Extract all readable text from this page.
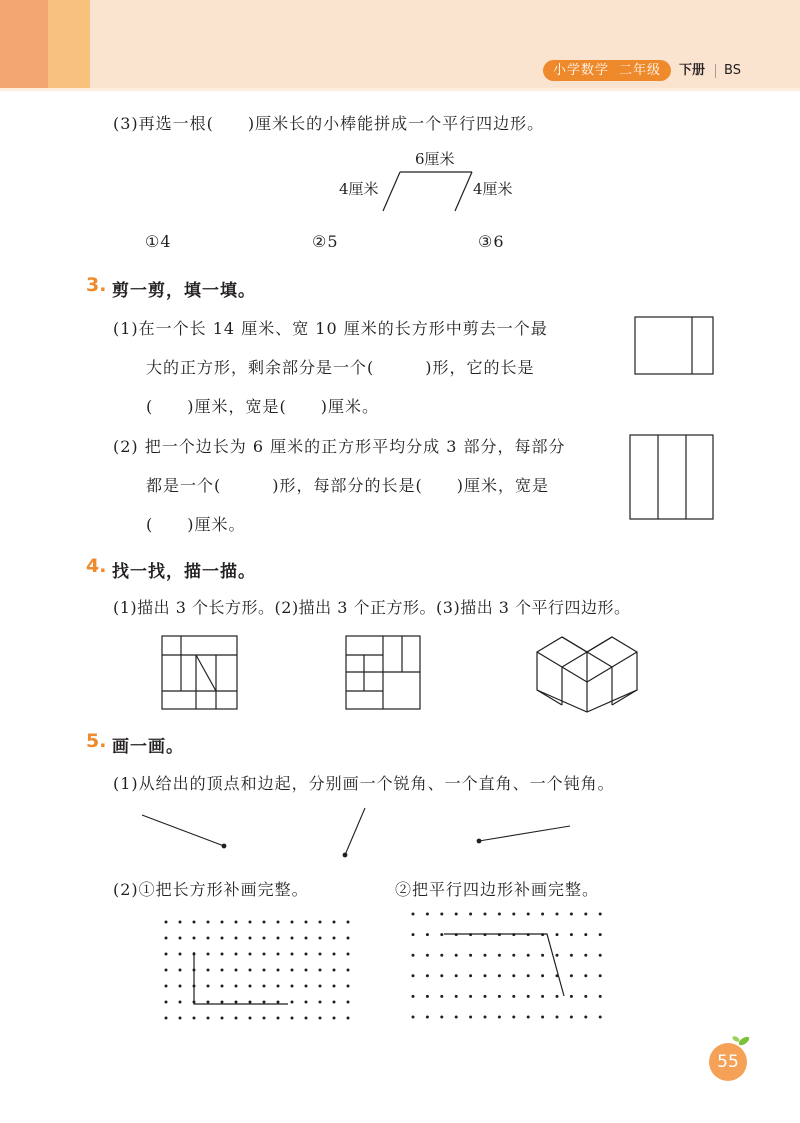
小学数学 二年级	下册 BS
(3)再选一根(　　)厘米长的小棒能拼成一个平行四边形。
6厘米
4厘米	4厘米
①4	②5	③6
3. 剪一剪，填一填。
(1)在一个长 14 厘米、宽 10 厘米的长方形中剪去一个最
大的正方形，剩余部分是一个(　　　)形，它的长是
(　　)厘米，宽是(　　)厘米。
(2) 把一个边长为 6 厘米的正方形平均分成 3 部分，每部分
都是一个(　　　)形，每部分的长是(　　)厘米，宽是
(　　)厘米。
4. 找一找，描一描。
(1)描出 3 个长方形。(2)描出 3 个正方形。(3)描出 3 个平行四边形。
5. 画一画。
(1)从给出的顶点和边起，分别画一个锐角、一个直角、一个钝角。
(2)①把长方形补画完整。	②把平行四边形补画完整。
55
